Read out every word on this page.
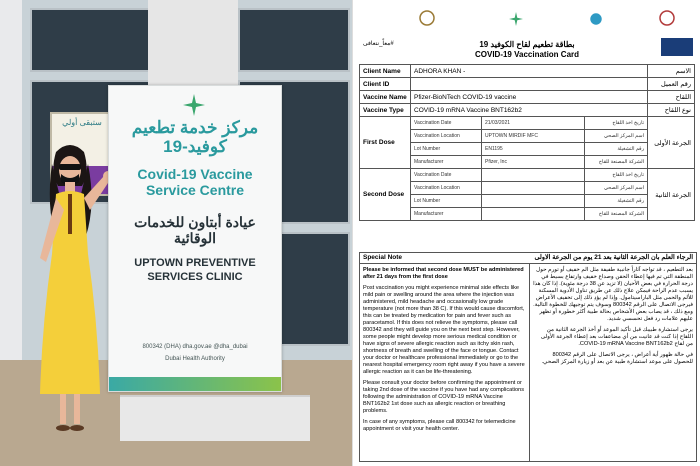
ستبقى أولي	مركز خدمة تطعيم كوفيد-19
Covid-19 Vaccine Service Centre
عيادة أبتاون للخدمات الوقائية
UPTOWN PREVENTIVE SERVICES CLINIC
800342 (DHA) dha.gov.ae @dha_dubai
Dubai Health Authority
#معاً_نتعافى	بطاقة تطعيم لقاح الكوفيد 19
COVID-19 Vaccination Card
Client Name	ADHORA KHAN -			الاسم
Client ID				رقم العميل
Vaccine Name	Pfizer-BioNTech COVID-19 vaccine			اللقاح
Vaccine Type	COVID-19 mRNA Vaccine BNT162b2			نوع اللقاح
First Dose	Vaccination Date	21/03/2021	تاريخ اخذ اللقاح	الجرعة الأولى
	Vaccination Location	UPTOWN MIRDIF MFC	اسم المركز الصحي	
	Lot Number	EN1195	رقم التشغيلة	
	Manufacturer	Pfizer, Inc	الشركة المصنعة للقاح	
Second Dose	Vaccination Date		تاريخ اخذ اللقاح	الجرعة الثانية
	Vaccination Location		اسم المركز الصحي	
	Lot Number		رقم التشغيلة	
	Manufacturer		الشركة المصنعة للقاح	
Special Note	الرجاء العلم بان الجرعة الثانية بعد 21 يوم من الجرعة الاولى

Please be informed that second dose MUST be administered after 21 days from the first dose

Post vaccination you might experience minimal side effects like mild pain or swelling around the area where the injection was administered, mild headache and occasionally low grade temperature (not more than 38 C). If this would cause discomfort, this can be treated by medication for pain and fever such as paracetamol. If this does not relieve the symptoms, please call 800342 and they will guide you on the next best step. However, some people might develop more serious medical condition or have signs of severe allergic reaction such as itchy skin rash, shortness of breath and swelling of the face or tongue. Contact your doctor or healthcare professional immediately or go to the nearest hospital emergency room right away if you have a severe allergic reaction as it can be life-threatening.

Please consult your doctor before confirming the appointment or taking 2nd dose of the vaccine if you have had any complications following the administration of COVID-19 mRNA Vaccine BNT162b2 1st dose such as allergic reaction or breathing problems.

In case of any symptoms, please call 800342 for telemedicine appointment or visit your health center.

بعد التطعيم ، قد تواجه آثاراً جانبية طفيفة مثل الم خفيف أو تورم حول المنطقة التي تم فيها إعطاء الحقن وصداع خفيف وارتفاع بسيط في درجة الحرارة في بعض الأحيان (لا تزيد عن 38 درجة مئوية). إذا كان هذا يسبب عدم الراحة فيمكن علاج ذلك عن طريق تناول الأدوية المسكنة للألم والحمى مثل الباراسيتامول. وإذا لم يؤدِ ذلك إلى تخفيف الأعراض فيرجى الاتصال على الرقم 800342 وسوف يتم توجيهك للخطوة التالية. ومع ذلك ، قد يصاب بعض الأشخاص بحالة طبية أكثر خطورة أو تظهر عليهم علامات رد فعل تحسسي شديد.

يرجى استشارة طبيبك قبل تأكيد الموعد أو أخذ الجرعة الثانية من اللقاح إذا كنت قد عانيت من أي مضاعفات بعد إعطاء الجرعة الأولى من لقاح COVID-19 mRNA Vaccine BNT162b2.

في حالة ظهور أية أعراض ، يرجى الاتصال على الرقم 800342 للحصول على موعد استشارة طبية عن بعد أو زيارة المركز الصحي.
